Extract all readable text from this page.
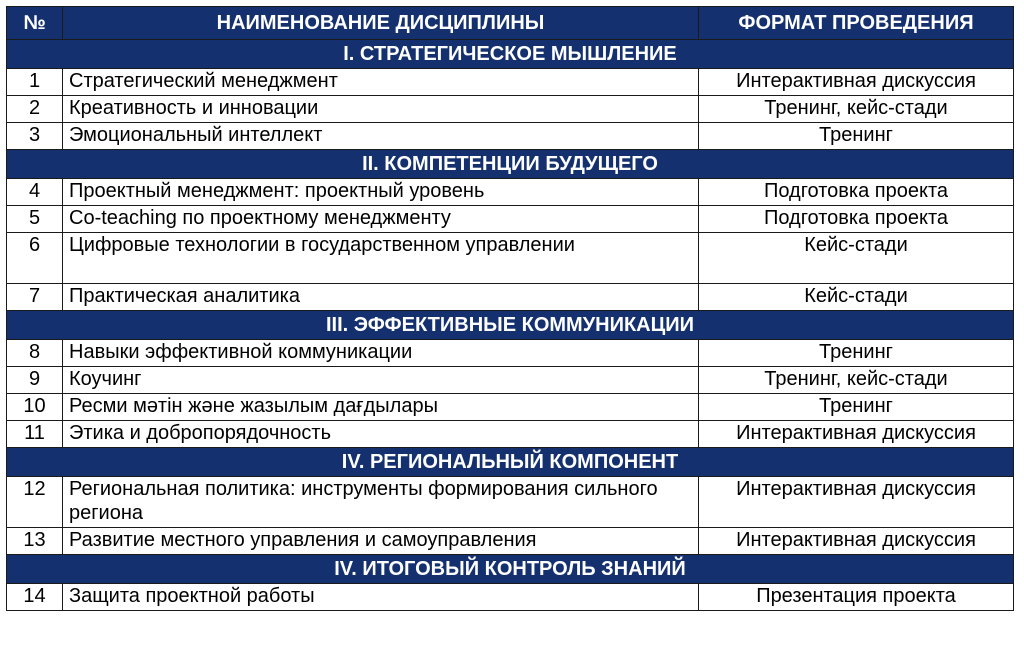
№	НАИМЕНОВАНИЕ ДИСЦИПЛИНЫ	ФОРМАТ ПРОВЕДЕНИЯ
I. СТРАТЕГИЧЕСКОЕ МЫШЛЕНИЕ		
1	Стратегический менеджмент	Интерактивная дискуссия
2	Креативность и инновации	Тренинг, кейс-стади
3	Эмоциональный интеллект	Тренинг
II. КОМПЕТЕНЦИИ БУДУЩЕГО		
4	Проектный менеджмент: проектный уровень	Подготовка проекта
5	Co-teaching по проектному менеджменту	Подготовка проекта
6	Цифровые технологии в государственном управлении	Кейс-стади
7	Практическая аналитика	Кейс-стади
III. ЭФФЕКТИВНЫЕ КОММУНИКАЦИИ		
8	Навыки эффективной коммуникации	Тренинг
9	Коучинг	Тренинг, кейс-стади
10	Ресми мәтін және жазылым дағдылары	Тренинг
11	Этика и добропорядочность	Интерактивная дискуссия
IV. РЕГИОНАЛЬНЫЙ КОМПОНЕНТ		
12	Региональная политика: инструменты формирования сильного региона	Интерактивная дискуссия
13	Развитие местного управления и самоуправления	Интерактивная дискуссия
IV. ИТОГОВЫЙ КОНТРОЛЬ ЗНАНИЙ		
14	Защита проектной работы	Презентация проекта
